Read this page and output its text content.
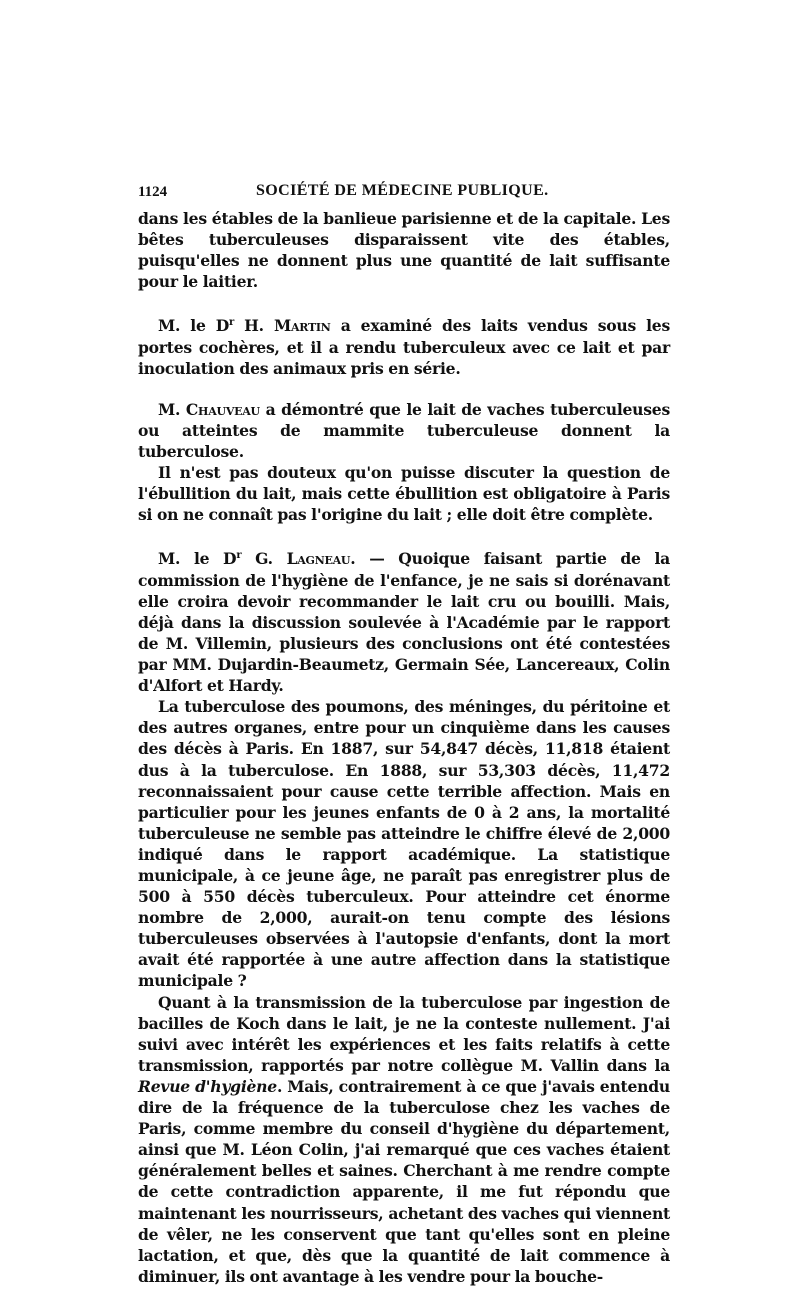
1124	SOCIÉTÉ DE MÉDECINE PUBLIQUE.

dans les étables de la banlieue parisienne et de la capitale. Les bêtes tuberculeuses disparaissent vite des étables, puisqu'elles ne donnent plus une quantité de lait suffisante pour le laitier.

M. le $D^r$ H. Martin a examiné des laits vendus sous les portes cochères, et il a rendu tuberculeux avec ce lait et par inoculation des animaux pris en série.

M. Chauveau a démontré que le lait de vaches tuberculeuses ou atteintes de mammite tuberculeuse donnent la tuberculose.

Il n'est pas douteux qu'on puisse discuter la question de l'ébullition du lait, mais cette ébullition est obligatoire à Paris si on ne connaît pas l'origine du lait ; elle doit être complète.

M. le $D^r$ G. Lagneau. — Quoique faisant partie de la commission de l'hygiène de l'enfance, je ne sais si dorénavant elle croira devoir recommander le lait cru ou bouilli. Mais, déjà dans la discussion soulevée à l'Académie par le rapport de M. Villemin, plusieurs des conclusions ont été contestées par MM. Dujardin-Beaumetz, Germain Sée, Lancereaux, Colin d'Alfort et Hardy.

La tuberculose des poumons, des méninges, du péritoine et des autres organes, entre pour un cinquième dans les causes des décès à Paris. En 1887, sur 54,847 décès, 11,818 étaient dus à la tuberculose. En 1888, sur 53,303 décès, 11,472 reconnaissaient pour cause cette terrible affection. Mais en particulier pour les jeunes enfants de 0 à 2 ans, la mortalité tuberculeuse ne semble pas atteindre le chiffre élevé de 2,000 indiqué dans le rapport académique. La statistique municipale, à ce jeune âge, ne paraît pas enregistrer plus de 500 à 550 décès tuberculeux. Pour atteindre cet énorme nombre de 2,000, aurait-on tenu compte des lésions tuberculeuses observées à l'autopsie d'enfants, dont la mort avait été rapportée à une autre affection dans la statistique municipale ?

Quant à la transmission de la tuberculose par ingestion de bacilles de Koch dans le lait, je ne la conteste nullement. J'ai suivi avec intérêt les expériences et les faits relatifs à cette transmission, rapportés par notre collègue M. Vallin dans la Revue d'hygiène. Mais, contrairement à ce que j'avais entendu dire de la fréquence de la tuberculose chez les vaches de Paris, comme membre du conseil d'hygiène du département, ainsi que M. Léon Colin, j'ai remarqué que ces vaches étaient généralement belles et saines. Cherchant à me rendre compte de cette contradiction apparente, il me fut répondu que maintenant les nourrisseurs, achetant des vaches qui viennent de vêler, ne les conservent que tant qu'elles sont en pleine lactation, et que, dès que la quantité de lait commence à diminuer, ils ont avantage à les vendre pour la bouche-
